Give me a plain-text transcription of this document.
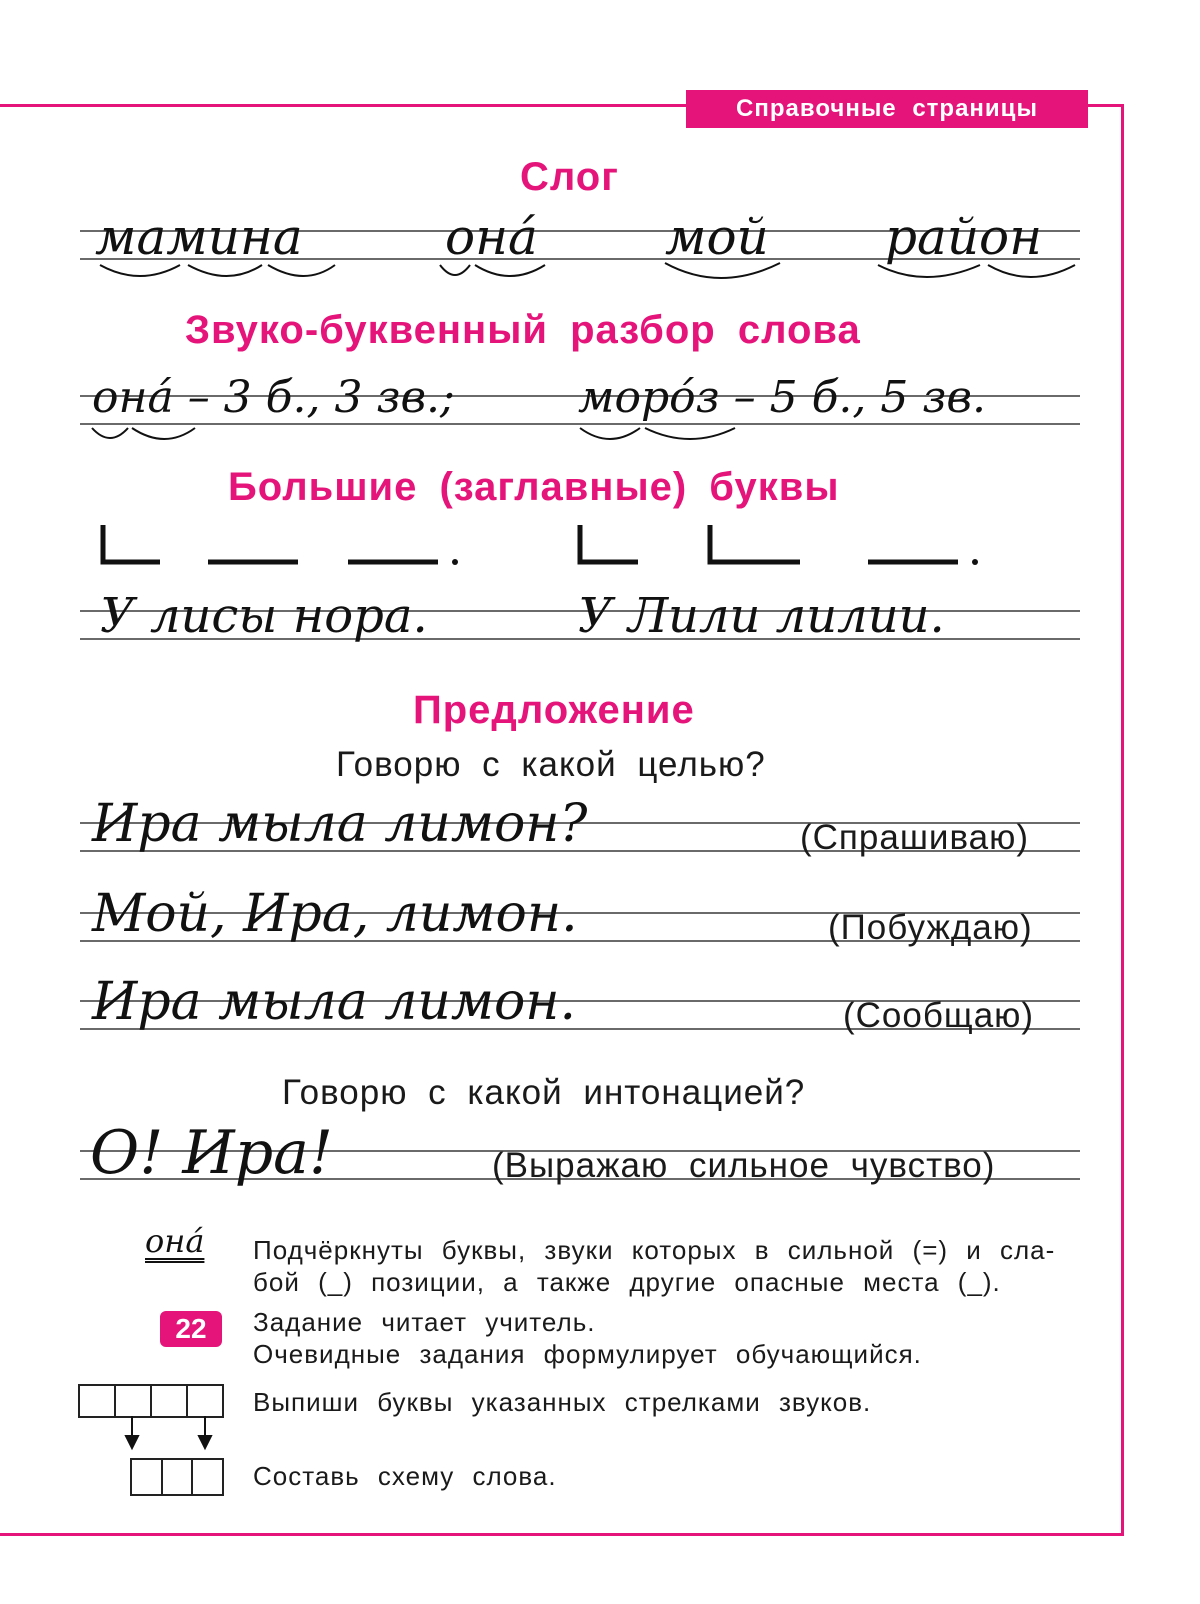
Справочные страницы
Слог
мамина	она́	мой район
Звуко-буквенный разбор слова
она́ – 3 б., 3 зв.;	моро́з – 5 б., 5 зв.
Большие (заглавные) буквы
У лисы нора.	У Лили лилии.
Предложение
Говорю с какой целью?
Ира мыла лимон?	(Спрашиваю)
Мой, Ира, лимон.	(Побуждаю)
Ира мыла лимон.	(Сообщаю)
Говорю с какой интонацией?
О! Ира!	(Выражаю сильное чувство)
она́ Подчёркнуты буквы, звуки которых в сильной (=) и сла-
бой (_) позиции, а также другие опасные места (_).
22	Задание читает учитель.
Очевидные задания формулирует обучающийся.
Выпиши буквы указанных стрелками звуков.
Составь схему слова.
